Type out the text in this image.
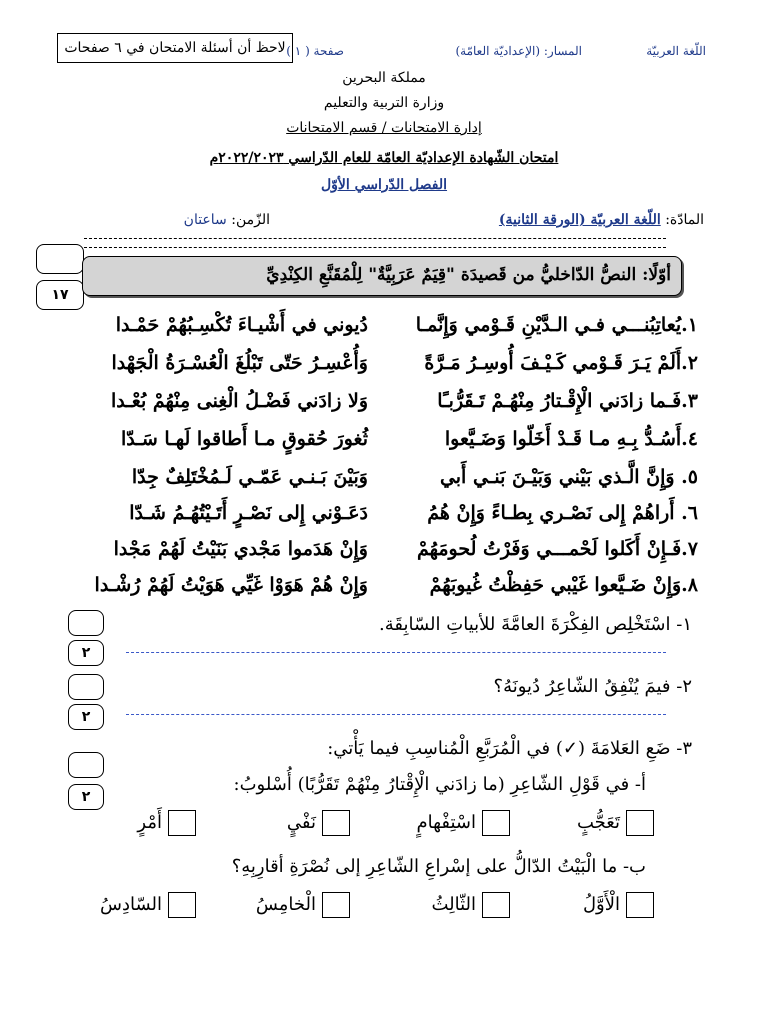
لاحظ أن أسئلة الامتحان في ٦ صفحات صفحة ( ١ )	المسار: (الإعداديّة العامّة)	اللّغة العربيّة
مملكة البحرين
وزارة التربية والتعليم
إدارة الامتحانات / قسم الامتحانات
امتحان الشّهادة الإعداديّة العامّة للعام الدّراسي ٢٠٢٢/٢٠٢٣م
الفصل الدّراسي الأوّل
المادّة: اللّغة العربيّة (الورقة الثانية)
الزّمن: ساعتان
١٧
أوّلًا: النصُّ الدّاخليُّ من قَصيدَة "قِيَمٌ عَرَبِيَّةٌ" لِلْمُقَنَّعِ الكِنْدِيِّ
١.يُعاتِبُنـــي فـي الـدَّيْنِ قَـوْمي وَإِنَّمـا
دُيوني في أَشْيـاءَ تُكْسِـبُهُمْ حَمْـدا
٢.أَلَمْ يَـرَ قَـوْمي كَـيْـفَ أُوسِـرُ مَـرَّةً
وَأُعْسِـرُ حَتّى تَبْلُغَ الْعُسْـرَةُ الْجَهْدا
٣.فَـما زادَني الْإِقْـتارُ مِنْهُـمْ تَـقَرُّبـًا
وَلا زادَني فَضْـلُ الْغِنى مِنْهُمْ بُعْـدا
٤.أَسُـدُّ بِـهِ مـا قَـدْ أَخَلّوا وَضَـيَّعوا
ثُغورَ حُقوقٍ مـا أَطاقوا لَهـا سَـدّا
٥. وَإِنَّ الَّـذي بَيْني وَبَيْـنَ بَنـي أَبي
وَبَيْنَ بَـنـي عَمّـي لَـمُخْتَلِفٌ جِدّا
٦. أَراهُمْ إِلى نَصْـري بِطـاءً وَإِنْ هُمُ
دَعَـوْني إِلى نَصْـرٍ أَتَـيْتُهُـمُ شَـدّا
٧.فَـإِنْ أَكَلوا لَحْمـــي وَفَرْتُ لُحومَهُمْ
وَإِنْ هَدَموا مَجْدي بَنَيْتُ لَهُمْ مَجْدا
٨.وَإِنْ ضَـيَّعوا غَيْبي حَفِظْتُ غُيوبَهُمْ
وَإِنْ هُمْ هَوَوْا غَيِّي هَوَيْتُ لَهُمْ رُشْـدا
٢
١- اسْتَخْلِص الفِكْرَةَ العامَّةَ للأبياتِ السّابِقَة.
٢
٢- فيمَ يُنْفِقُ الشّاعِرُ دُيونَهُ؟
٢
٣- ضَعِ العَلامَةَ (✓) في الْمُرَبَّعِ الْمُناسِبِ فيما يَأْتي:
أ- في قَوْلِ الشّاعِرِ (ما زادَني الْإِقْتارُ مِنْهُمْ تَقَرُّبًا) أُسْلوبُ:
تَعَجُّبٍ
اسْتِفْهامٍ
نَفْيٍ
أَمْرٍ
ب- ما الْبَيْتُ الدّالُّ على إسْراعِ الشّاعِرِ إلى نُصْرَةِ أقارِبِهِ؟
الْأَوَّلُ
الثّالِثُ
الْخامِسُ
السّادِسُ
